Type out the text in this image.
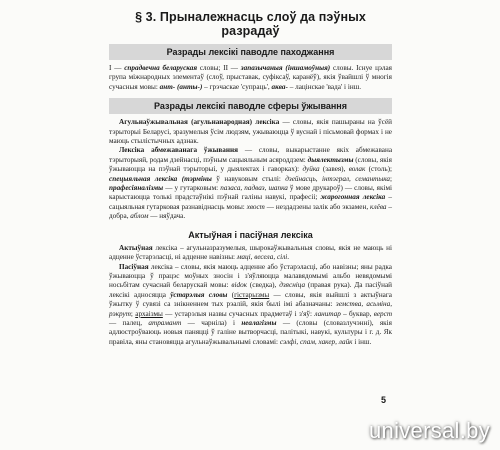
§ 3. Прыналежнасць слоў да пэўных разрадаў
Разрады лексікі паводле паходжання

I — спрадвечна беларуская словы; II — запазычаныя (іншамоўныя) словы. Існуе цэлая група міжнародных элементаў (слоў, прыставак, суфіксаў, каранёў), якія ўвайшлі ў многія сучасныя мовы: ант- (анты-) – грэчаскае 'супраць', аква- – лацінскае 'вада' і інш.

Разрады лексікі паводле сферы ўжывання

Агульнаўжывальная (агульнанародная) лексіка — словы, якія пашыраны на ўсёй тэрыторыі Беларусі, зразумелыя ўсім людзям, ужываюцца ў вуснай і пісьмовай формах і не маюць стылістычных адзнак.

Лексіка абмежаванага ўжывання — словы, выкарыстанне якіх абмежавана тэрыторыяй, родам дзейнасці, пэўным сацыяльным асяроддзем: дыялектызмы (словы, якія ўжываюцца на пэўнай тэрыторыі, у дыялектах і гаворках): дуйка (завея), волак (столь); спецыяльная лексіка (тэрміны ў навуковым стылі: дзейнасць, інтэграл, семантыка; прафесіяналізмы — у гутарковым: пазаса, падваз, шапка ў мове друкароў) — словы, якімі карыстаюцца толькі прадстаўнікі пэўнай галіны навукі, прафесіі; жарогонная лексіка – сацыяльная гутарковая разнавіднасць мовы: хвост — нездадзены залік або экзамен, клёва – добра, аблом — няўдача.

Актыўная і пасіўная лексіка

Актыўная лексіка – агульназразумелыя, шырокаўжывальныя словы, якія не маюць ні адценне ўстарэласці, ні адценне навізны: маці, весела, сілі.

Пасіўная лексіка – словы, якія маюць адценне або ўстарэласці, або навізны; яны радка ўжываюцца ў працэс моўных зносін і з'яўляюцца малавядомымі альбо невядомымі носьбітам сучаснай беларускай мовы: віdок (сведка), дзясніца (правая рука). Да пасіўнай лексікі адносяцца ўстарэлыя словы (гістарызмы — словы, якія выйшлі з актыўнага ўжытку ў сувязі са знікненнем тых рэалій, якія былі імі абазначаны: земства, асьміна, рэкрут; архаізмы — устарэлыя назвы сучасных прадметаў і з'яў: ланитар – буквар, верст — палец, атрамант — чарніла) і неалагізмы — (словы (словазлучэнні), якія адлюстроўваюць новыя паняцці ў галіне вытворчасці, палітыкі, навукі, культуры і г. д. Як правіла, яны становяцца агульнаўжывальнымі словамі: сэлфі, спам, хакер, лайк і інш.

5
universal.by
